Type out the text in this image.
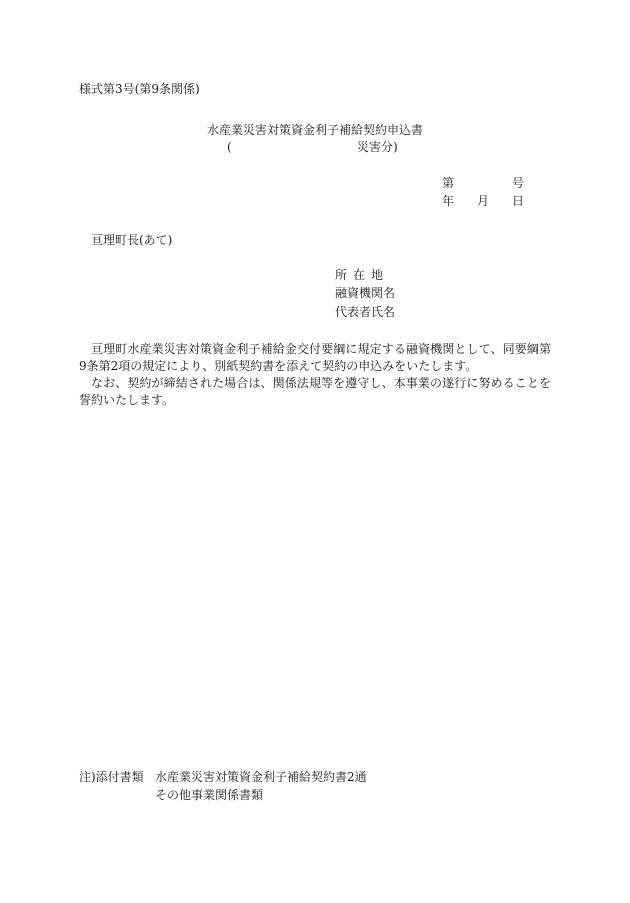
様式第3号(第9条関係)
水産業災害対策資金利子補給契約申込書
(	災害分)
第	号
年 月 日
亘理町長(あて)
所在地
融資機関名
代表者氏名

亘理町水産業災害対策資金利子補給金交付要綱に規定する融資機関として、同要綱第9条第2項の規定により、別紙契約書を添えて契約の申込みをいたします。

なお、契約が締結された場合は、関係法規等を遵守し、本事業の遂行に努めることを誓約いたします。

注)添付書類 水産業災害対策資金利子補給契約書2通
その他事業関係書類
